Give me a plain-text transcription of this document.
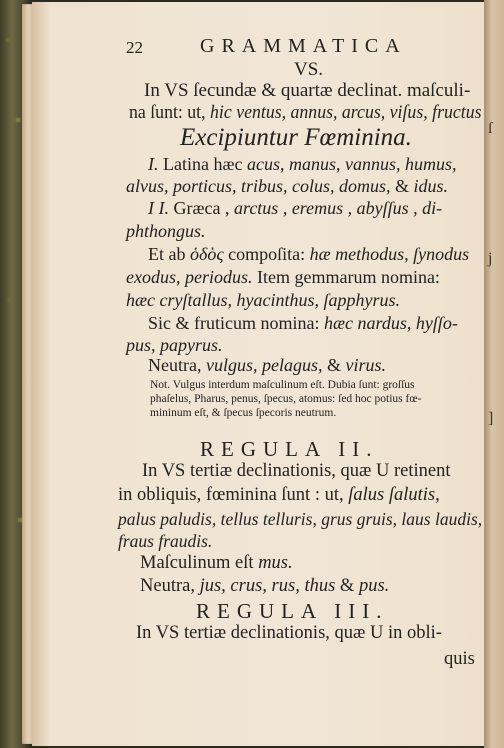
22	GRAMMATICA
VS.
In VS ſecundæ & quartæ declinat. maſculi-
na ſunt: ut, hic ventus, annus, arcus, viſus, fructus
Excipiuntur Fœminina.
I. Latina hæc acus, manus, vannus, humus,
alvus, porticus, tribus, colus, domus, & idus.
I I. Græca , arctus , eremus , abyſſus , di-
phthongus.
Et ab ὁδὸς compoſita: hæ methodus, ſynodus
exodus, periodus. Item gemmarum nomina:
hæc cryſtallus, hyacinthus, ſapphyrus.
Sic & fruticum nomina: hæc nardus, hyſſo-
pus, papyrus.
Neutra, vulgus, pelagus, & virus.
Not. Vulgus interdum maſculinum eſt. Dubia ſunt: groſſus
phaſelus, Pharus, penus, ſpecus, atomus: ſed hoc potius fœ-
mininum eſt, & ſpecus ſpecoris neutrum.
REGULA II.
In VS tertiæ declinationis, quæ U retinent
in obliquis, fœminina ſunt : ut, ſalus ſalutis,
palus paludis, tellus telluris, grus gruis, laus laudis,
fraus fraudis.
Maſculinum eſt mus.
Neutra, jus, crus, rus, thus & pus.
REGULA III.
In VS tertiæ declinationis, quæ U in obli-
quis
ſ
j
]
